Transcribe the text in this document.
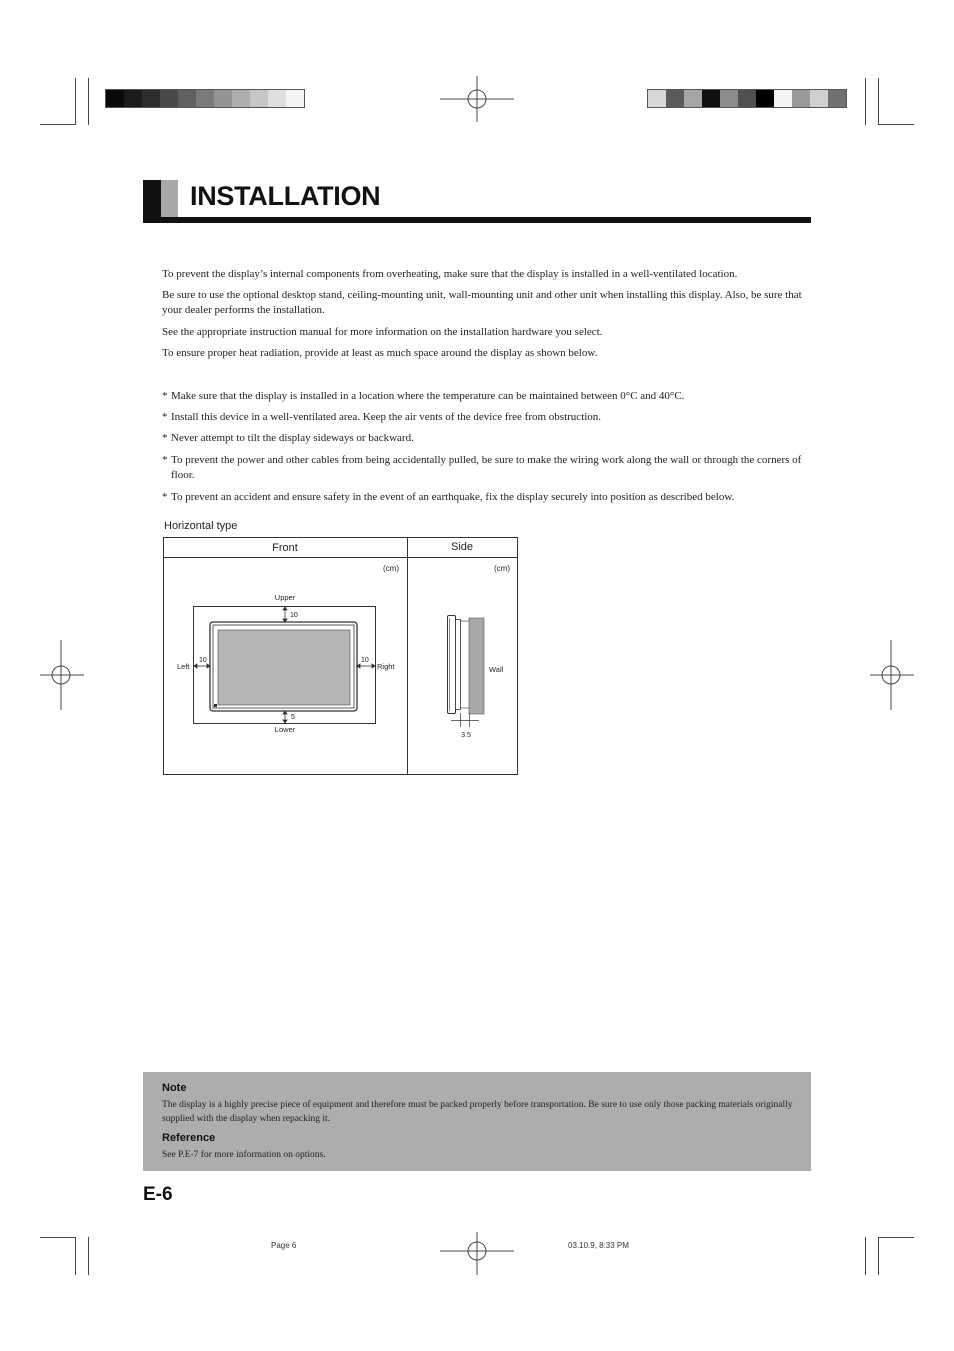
INSTALLATION
To prevent the display’s internal components from overheating, make sure that the display is installed in a well-ventilated location.
Be sure to use the optional desktop stand, ceiling-mounting unit, wall-mounting unit and other unit when installing this display. Also, be sure that your dealer performs the installation.
See the appropriate instruction manual for more information on the installation hardware you select.
To ensure proper heat radiation, provide at least as much space around the display as shown below.
* Make sure that the display is installed in a location where the temperature can be maintained between 0°C and 40°C.
* Install this device in a well-ventilated area. Keep the air vents of the device free from obstruction.
* Never attempt to tilt the display sideways or backward.
* To prevent the power and other cables from being accidentally pulled, be sure to make the wiring work along the wall or through the corners of floor.
* To prevent an accident and ensure safety in the event of an earthquake, fix the display securely into position as described below.
Horizontal type
Front	Side
(cm)	(cm)
Upper
10
Lower
5
Left
10
Right
10
3.5
Wall
Note
The display is a highly precise piece of equipment and therefore must be packed properly before transportation. Be sure to use only those packing materials originally supplied with the display when repacking it.
Reference
See P.E-7 for more information on options.
E-6
Page 6	03.10.9, 8:33 PM
